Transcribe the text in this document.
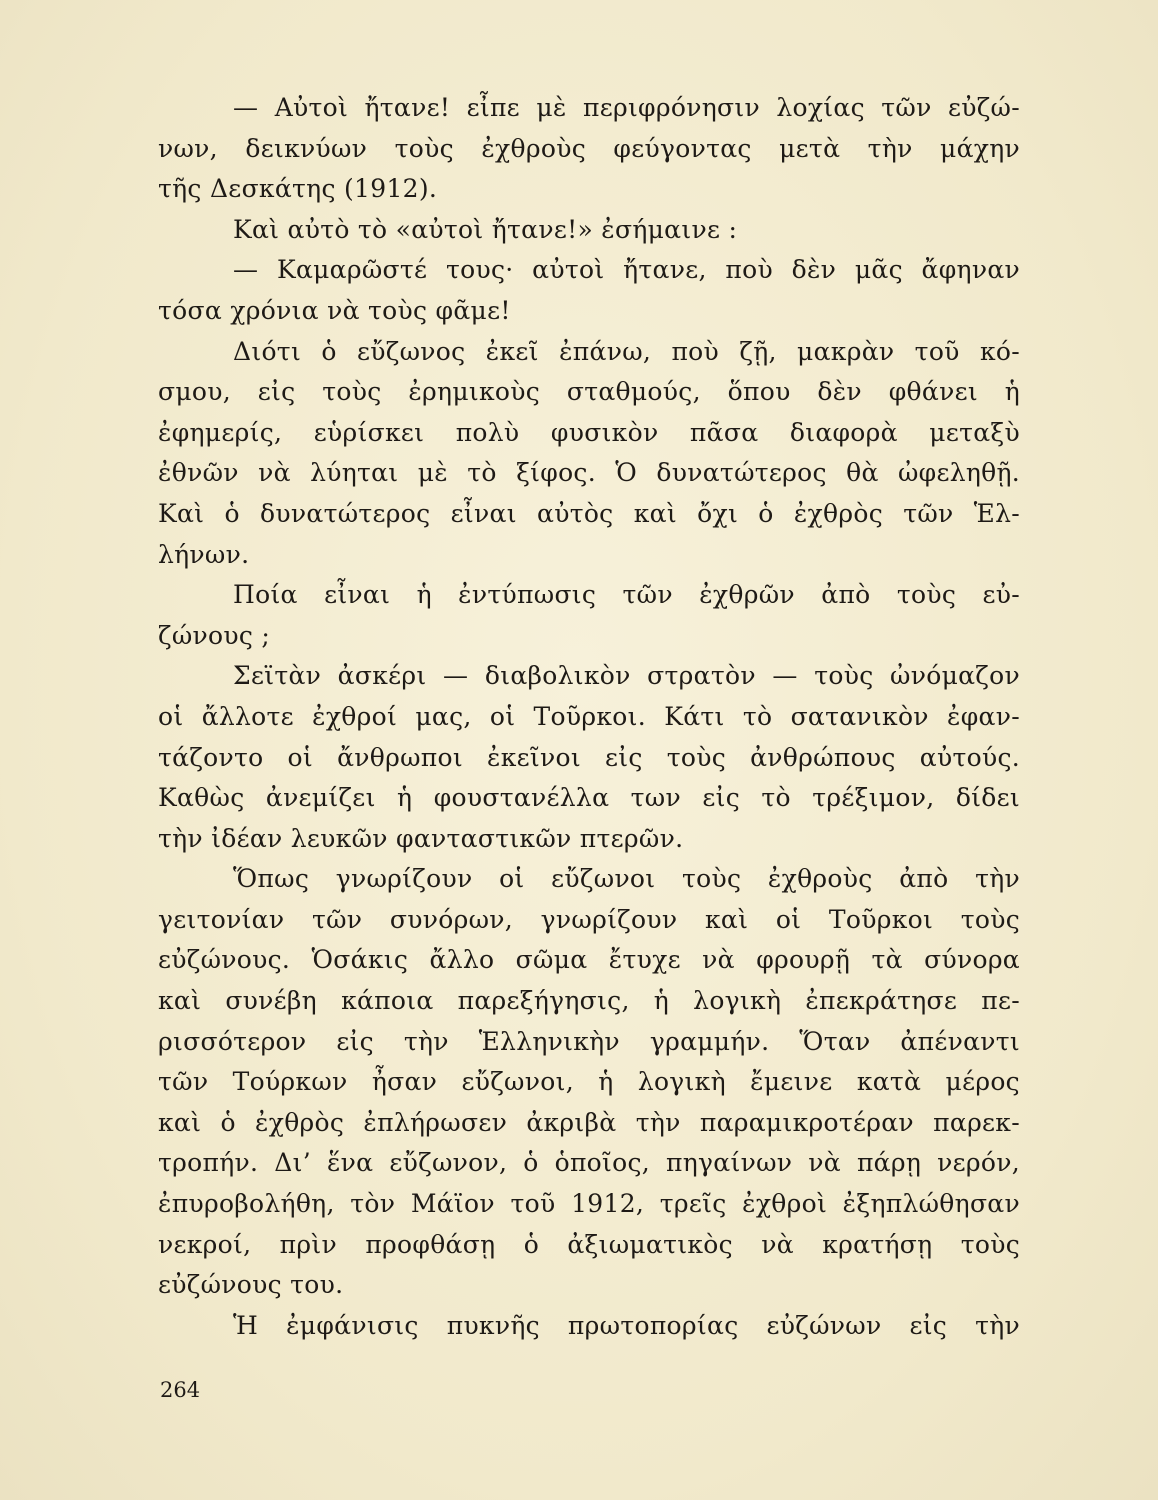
— Αὐτοὶ ἤτανε! εἶπε μὲ περιφρόνησιν λοχίας τῶν εὐζώ-
νων, δεικνύων τοὺς ἐχθροὺς φεύγοντας μετὰ τὴν μάχην
τῆς Δεσκάτης (1912).
Καὶ αὐτὸ τὸ «αὐτοὶ ἤτανε!» ἐσήμαινε :
— Καμαρῶστέ τους· αὐτοὶ ἤτανε, ποὺ δὲν μᾶς ἄφηναν
τόσα χρόνια νὰ τοὺς φᾶμε!
Διότι ὁ εὔζωνος ἐκεῖ ἐπάνω, ποὺ ζῇ, μακρὰν τοῦ κό-
σμου, εἰς τοὺς ἐρημικοὺς σταθμούς, ὅπου δὲν φθάνει ἡ
ἐφημερίς, εὑρίσκει πολὺ φυσικὸν πᾶσα διαφορὰ μεταξὺ
ἐθνῶν νὰ λύηται μὲ τὸ ξίφος. Ὁ δυνατώτερος θὰ ὠφεληθῇ.
Καὶ ὁ δυνατώτερος εἶναι αὐτὸς καὶ ὄχι ὁ ἐχθρὸς τῶν Ἑλ-
λήνων.
Ποία εἶναι ἡ ἐντύπωσις τῶν ἐχθρῶν ἀπὸ τοὺς εὐ-
ζώνους ;
Σεϊτὰν ἀσκέρι — διαβολικὸν στρατὸν — τοὺς ὠνόμαζον
οἱ ἄλλοτε ἐχθροί μας, οἱ Τοῦρκοι. Κάτι τὸ σατανικὸν ἐφαν-
τάζοντο οἱ ἄνθρωποι ἐκεῖνοι εἰς τοὺς ἀνθρώπους αὐτούς.
Καθὼς ἀνεμίζει ἡ φουστανέλλα των εἰς τὸ τρέξιμον, δίδει
τὴν ἰδέαν λευκῶν φανταστικῶν πτερῶν.
Ὅπως γνωρίζουν οἱ εὔζωνοι τοὺς ἐχθροὺς ἀπὸ τὴν
γειτονίαν τῶν συνόρων, γνωρίζουν καὶ οἱ Τοῦρκοι τοὺς
εὐζώνους. Ὁσάκις ἄλλο σῶμα ἔτυχε νὰ φρουρῇ τὰ σύνορα
καὶ συνέβη κάποια παρεξήγησις, ἡ λογικὴ ἐπεκράτησε πε-
ρισσότερον εἰς τὴν Ἑλληνικὴν γραμμήν. Ὅταν ἀπέναντι
τῶν Τούρκων ἦσαν εὔζωνοι, ἡ λογικὴ ἔμεινε κατὰ μέρος
καὶ ὁ ἐχθρὸς ἐπλήρωσεν ἀκριβὰ τὴν παραμικροτέραν παρεκ-
τροπήν. Δι’ ἕνα εὔζωνον, ὁ ὁποῖος, πηγαίνων νὰ πάρῃ νερόν,
ἐπυροβολήθη, τὸν Μάϊον τοῦ 1912, τρεῖς ἐχθροὶ ἐξηπλώθησαν
νεκροί, πρὶν προφθάσῃ ὁ ἀξιωματικὸς νὰ κρατήσῃ τοὺς
εὐζώνους του.
Ἡ ἐμφάνισις πυκνῆς πρωτοπορίας εὐζώνων εἰς τὴν
264
